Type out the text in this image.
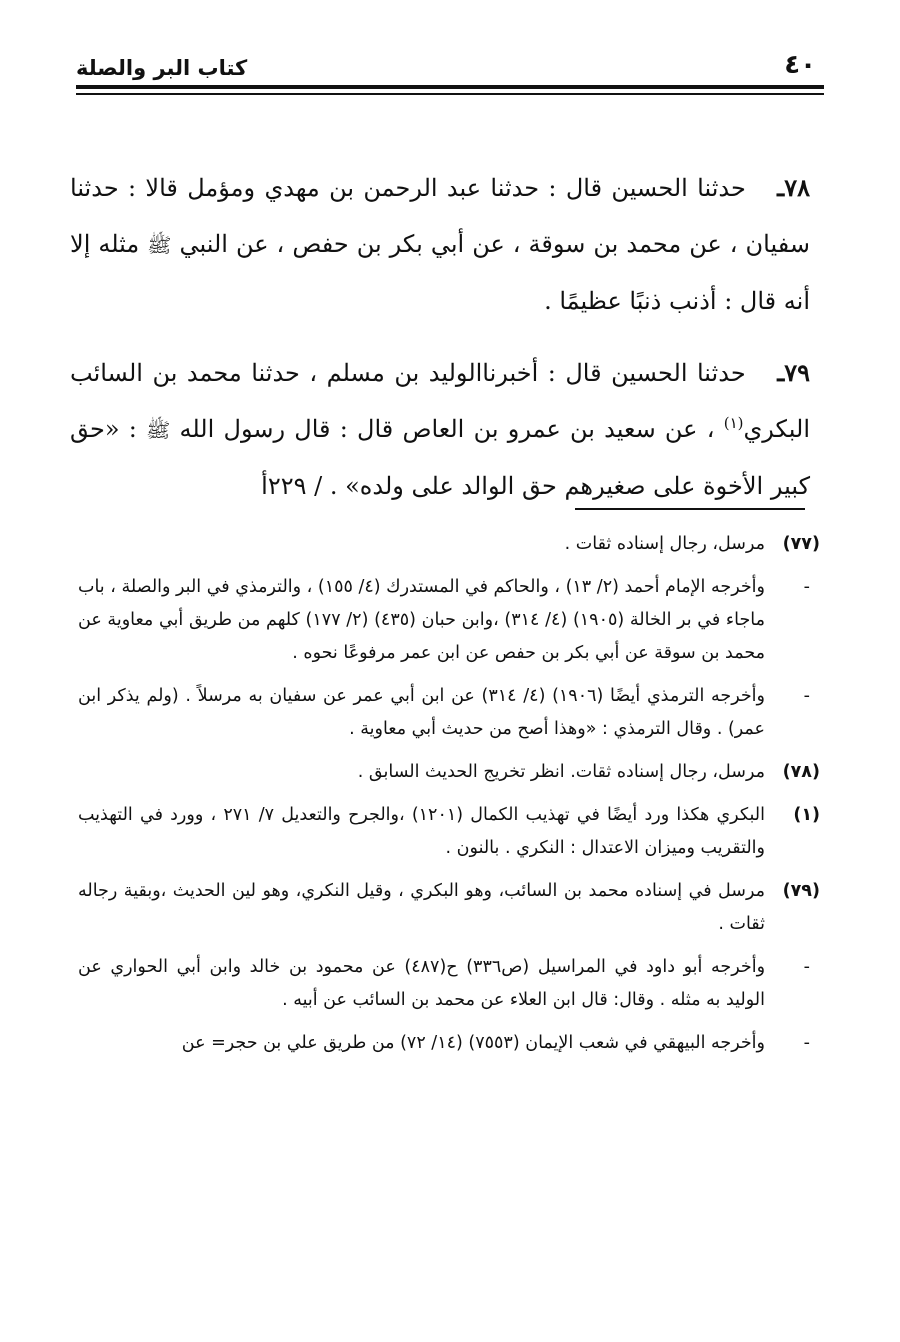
كتاب البر والصلة	٤٠

٧٨ـ حدثنا الحسين قال : حدثنا عبد الرحمن بن مهدي ومؤمل قالا : حدثنا سفيان ، عن محمد بن سوقة ، عن أبي بكر بن حفص ، عن النبي ﷺ مثله إلا أنه قال : أذنب ذنبًا عظيمًا .

٧٩ـ حدثنا الحسين قال : أخبرناالوليد بن مسلم ، حدثنا محمد بن السائب البكري$^{(١)}$ ، عن سعيد بن عمرو بن العاص قال : قال رسول الله ﷺ : «حق كبير الأخوة على صغيرهم حق الوالد على ولده» . / ٢٢٩أ

(٧٧)
مرسل، رجال إسناده ثقات .
-
وأخرجه الإمام أحمد (٢/ ١٣) ، والحاكم في المستدرك (٤/ ١٥٥) ، والترمذي في البر والصلة ، باب ماجاء في بر الخالة (١٩٠٥) (٤/ ٣١٤) ،وابن حبان (٤٣٥) (٢/ ١٧٧) كلهم من طريق أبي معاوية عن محمد بن سوقة عن أبي بكر بن حفص عن ابن عمر مرفوعًا نحوه .
-
وأخرجه الترمذي أيضًا (١٩٠٦) (٤/ ٣١٤) عن ابن أبي عمر عن سفيان به مرسلاً . (ولم يذكر ابن عمر) . وقال الترمذي : «وهذا أصح من حديث أبي معاوية .
(٧٨)
مرسل، رجال إسناده ثقات. انظر تخريج الحديث السابق .
(١)
البكري هكذا ورد أيضًا في تهذيب الكمال (١٢٠١) ،والجرح والتعديل ٧/ ٢٧١ ، وورد في التهذيب والتقريب وميزان الاعتدال : النكري . بالنون .
(٧٩)
مرسل في إسناده محمد بن السائب، وهو البكري ، وقيل النكري، وهو لين الحديث ،وبقية رجاله ثقات .
-
وأخرجه أبو داود في المراسيل (ص٣٣٦) ح(٤٨٧) عن محمود بن خالد وابن أبي الحواري عن الوليد به مثله . وقال: قال ابن العلاء عن محمد بن السائب عن أبيه .
-
وأخرجه البيهقي في شعب الإيمان (٧٥٥٣) (١٤/ ٧٢) من طريق علي بن حجر= عن
